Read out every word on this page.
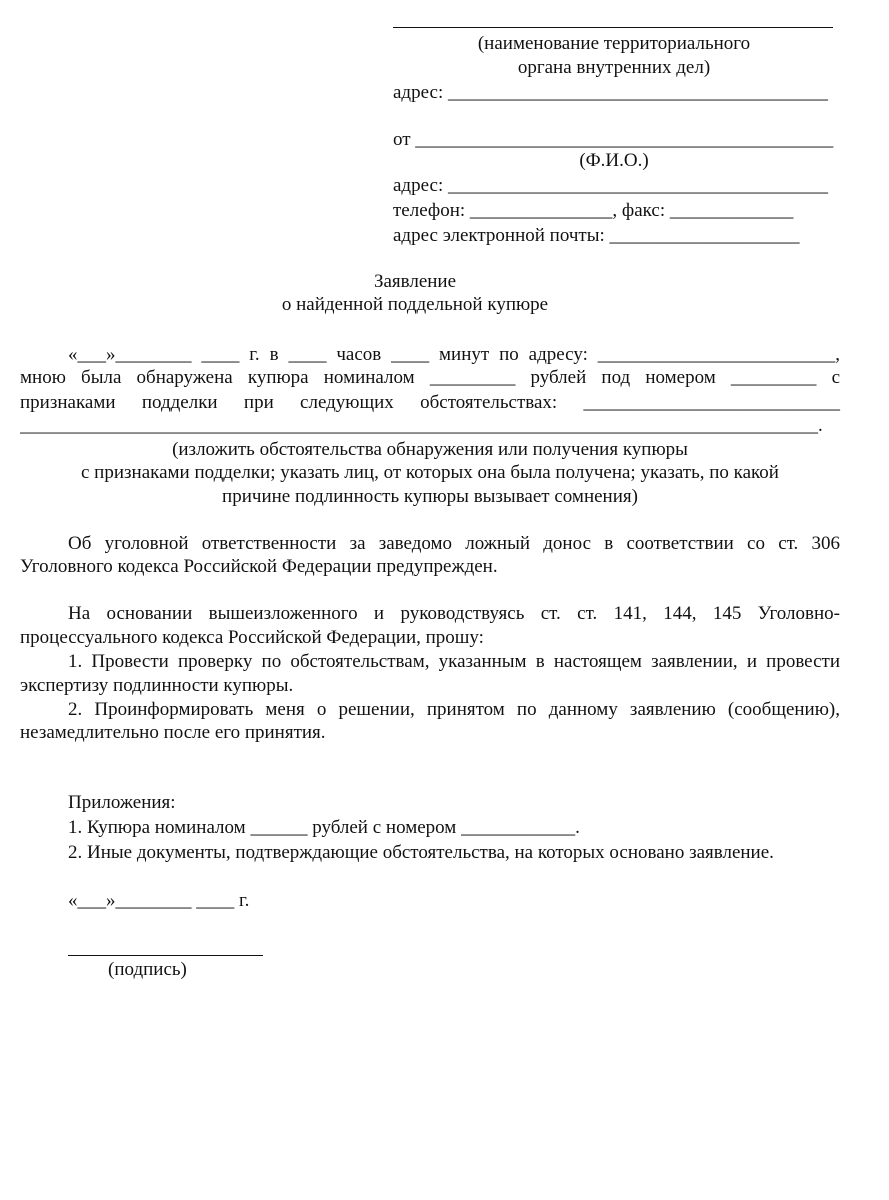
(наименование территориального
органа внутренних дел)
адрес: ________________________________________
от ____________________________________________
(Ф.И.О.)
адрес: ________________________________________
телефон: _______________, факс: _____________
адрес электронной почты: ____________________
Заявление
о найденной поддельной купюре
«___»________ ____ г. в ____ часов ____ минут по адресу: _________________________,
мною была обнаружена купюра номиналом _________ рублей под номером _________ с
признаками подделки при следующих обстоятельствах: ___________________________
____________________________________________________________________________________.
(изложить обстоятельства обнаружения или получения купюры
с признаками подделки; указать лиц, от которых она была получена; указать, по какой
причине подлинность купюры вызывает сомнения)
Об уголовной ответственности за заведомо ложный донос в соответствии со ст. 306
Уголовного кодекса Российской Федерации предупрежден.
На основании вышеизложенного и руководствуясь ст. ст. 141, 144, 145 Уголовно-
процессуального кодекса Российской Федерации, прошу:
1. Провести проверку по обстоятельствам, указанным в настоящем заявлении, и провести
экспертизу подлинности купюры.
2. Проинформировать меня о решении, принятом по данному заявлению (сообщению),
незамедлительно после его принятия.
Приложения:
1. Купюра номиналом ______ рублей с номером ____________.
2. Иные документы, подтверждающие обстоятельства, на которых основано заявление.
«___»________ ____ г.
(подпись)
